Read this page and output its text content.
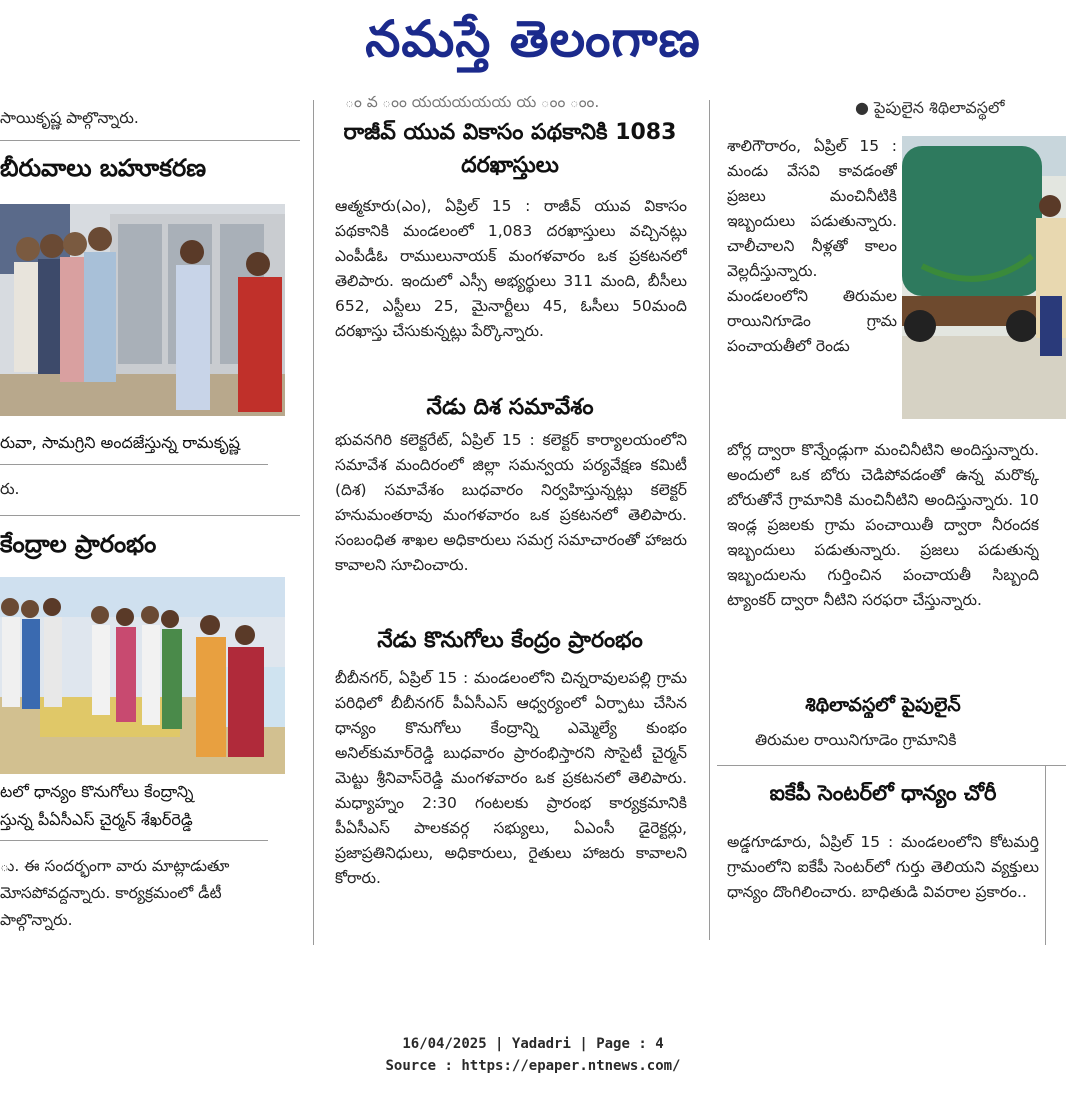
నమస్తే తెలంగాణ
సాయికృష్ణ పాల్గొన్నారు.
బీరువాలు బహూకరణ
రువా, సామగ్రిని అందజేస్తున్న రామకృష్ణ
రు.
కేంద్రాల ప్రారంభం
టలో ధాన్యం కొనుగోలు కేంద్రాన్ని
స్తున్న పీఏసీఎస్ చైర్మన్ శేఖర్‌రెడ్డి
ు. ఈ సందర్భంగా వారు మాట్లాడుతూ
మోసపోవద్దన్నారు. కార్యక్రమంలో డీటీ
పాల్గొన్నారు.
ం వ ంం యయయయయ య ంం ంం.
రాజీవ్ యువ వికాసం పథకానికి 1083 దరఖాస్తులు
ఆత్మకూరు(ఎం), ఏప్రిల్ 15 : రాజీవ్ యువ వికాసం పథకానికి మండలంలో 1,083 దరఖాస్తులు వచ్చినట్లు ఎంపీడీఓ రాములునాయక్ మంగళవారం ఒక ప్రకటనలో తెలిపారు. ఇందులో ఎస్సీ అభ్యర్థులు 311 మంది, బీసీలు 652, ఎస్టీలు 25, మైనార్టీలు 45, ఓసీలు 50మంది దరఖాస్తు చేసుకున్నట్లు పేర్కొన్నారు.
నేడు దిశ సమావేశం
భువనగిరి కలెక్టరేట్, ఏప్రిల్ 15 : కలెక్టర్ కార్యాలయంలోని సమావేశ మందిరంలో జిల్లా సమన్వయ పర్యవేక్షణ కమిటీ (దిశ) సమావేశం బుధవారం నిర్వహిస్తున్నట్లు కలెక్టర్ హనుమంతరావు మంగళవారం ఒక ప్రకటనలో తెలిపారు. సంబంధిత శాఖల అధికారులు సమగ్ర సమాచారంతో హాజరు కావాలని సూచించారు.
నేడు కొనుగోలు కేంద్రం ప్రారంభం
బీబీనగర్, ఏప్రిల్ 15 : మండలంలోని చిన్నరావులపల్లి గ్రామ పరిధిలో బీబీనగర్ పీఏసీఎస్ ఆధ్వర్యంలో ఏర్పాటు చేసిన ధాన్యం కొనుగోలు కేంద్రాన్ని ఎమ్మెల్యే కుంభం అనిల్‌కుమార్‌రెడ్డి బుధవారం ప్రారంభిస్తారని సొసైటీ చైర్మన్ మెట్టు శ్రీనివాస్‌రెడ్డి మంగళవారం ఒక ప్రకటనలో తెలిపారు. మధ్యాహ్నం 2:30 గంటలకు ప్రారంభ కార్యక్రమానికి పీఏసీఎస్ పాలకవర్గ సభ్యులు, ఏఎంసీ డైరెక్టర్లు, ప్రజాప్రతినిధులు, అధికారులు, రైతులు హాజరు కావాలని కోరారు.
● పైపులైన శిథిలావస్థలో
శాలిగౌరారం, ఏప్రిల్ 15 : మండు వేసవి కావడంతో ప్రజలు మంచినీటికి ఇబ్బందులు పడుతున్నారు. చాలీచాలని నీళ్లతో కాలం వెల్లదీస్తున్నారు. మండలంలోని తిరుమల రాయినిగూడెం గ్రామ పంచాయతీలో రెండు
బోర్ల ద్వారా కొన్నేండ్లుగా మంచినీటిని అందిస్తున్నారు. అందులో ఒక బోరు చెడిపోవడంతో ఉన్న మరొక్క బోరుతోనే గ్రామానికి మంచినీటిని అందిస్తున్నారు. 10 ఇండ్ల ప్రజలకు గ్రామ పంచాయితీ ద్వారా నీరందక ఇబ్బందులు పడుతున్నారు. ప్రజలు పడుతున్న ఇబ్బందులను గుర్తించిన పంచాయతీ సిబ్బంది ట్యాంకర్ ద్వారా నీటిని సరఫరా చేస్తున్నారు.
శిథిలావస్థలో పైపులైన్
తిరుమల రాయినిగూడెం గ్రామానికి
ఐకేపీ సెంటర్‌లో ధాన్యం చోరీ
అడ్డగూడూరు, ఏప్రిల్ 15 : మండలంలోని కోటమర్తి గ్రామంలోని ఐకేపీ సెంటర్‌లో గుర్తు తెలియని వ్యక్తులు ధాన్యం దొంగిలించారు. బాధితుడి వివరాల ప్రకారం..
16/04/2025 | Yadadri | Page : 4
Source : https://epaper.ntnews.com/
